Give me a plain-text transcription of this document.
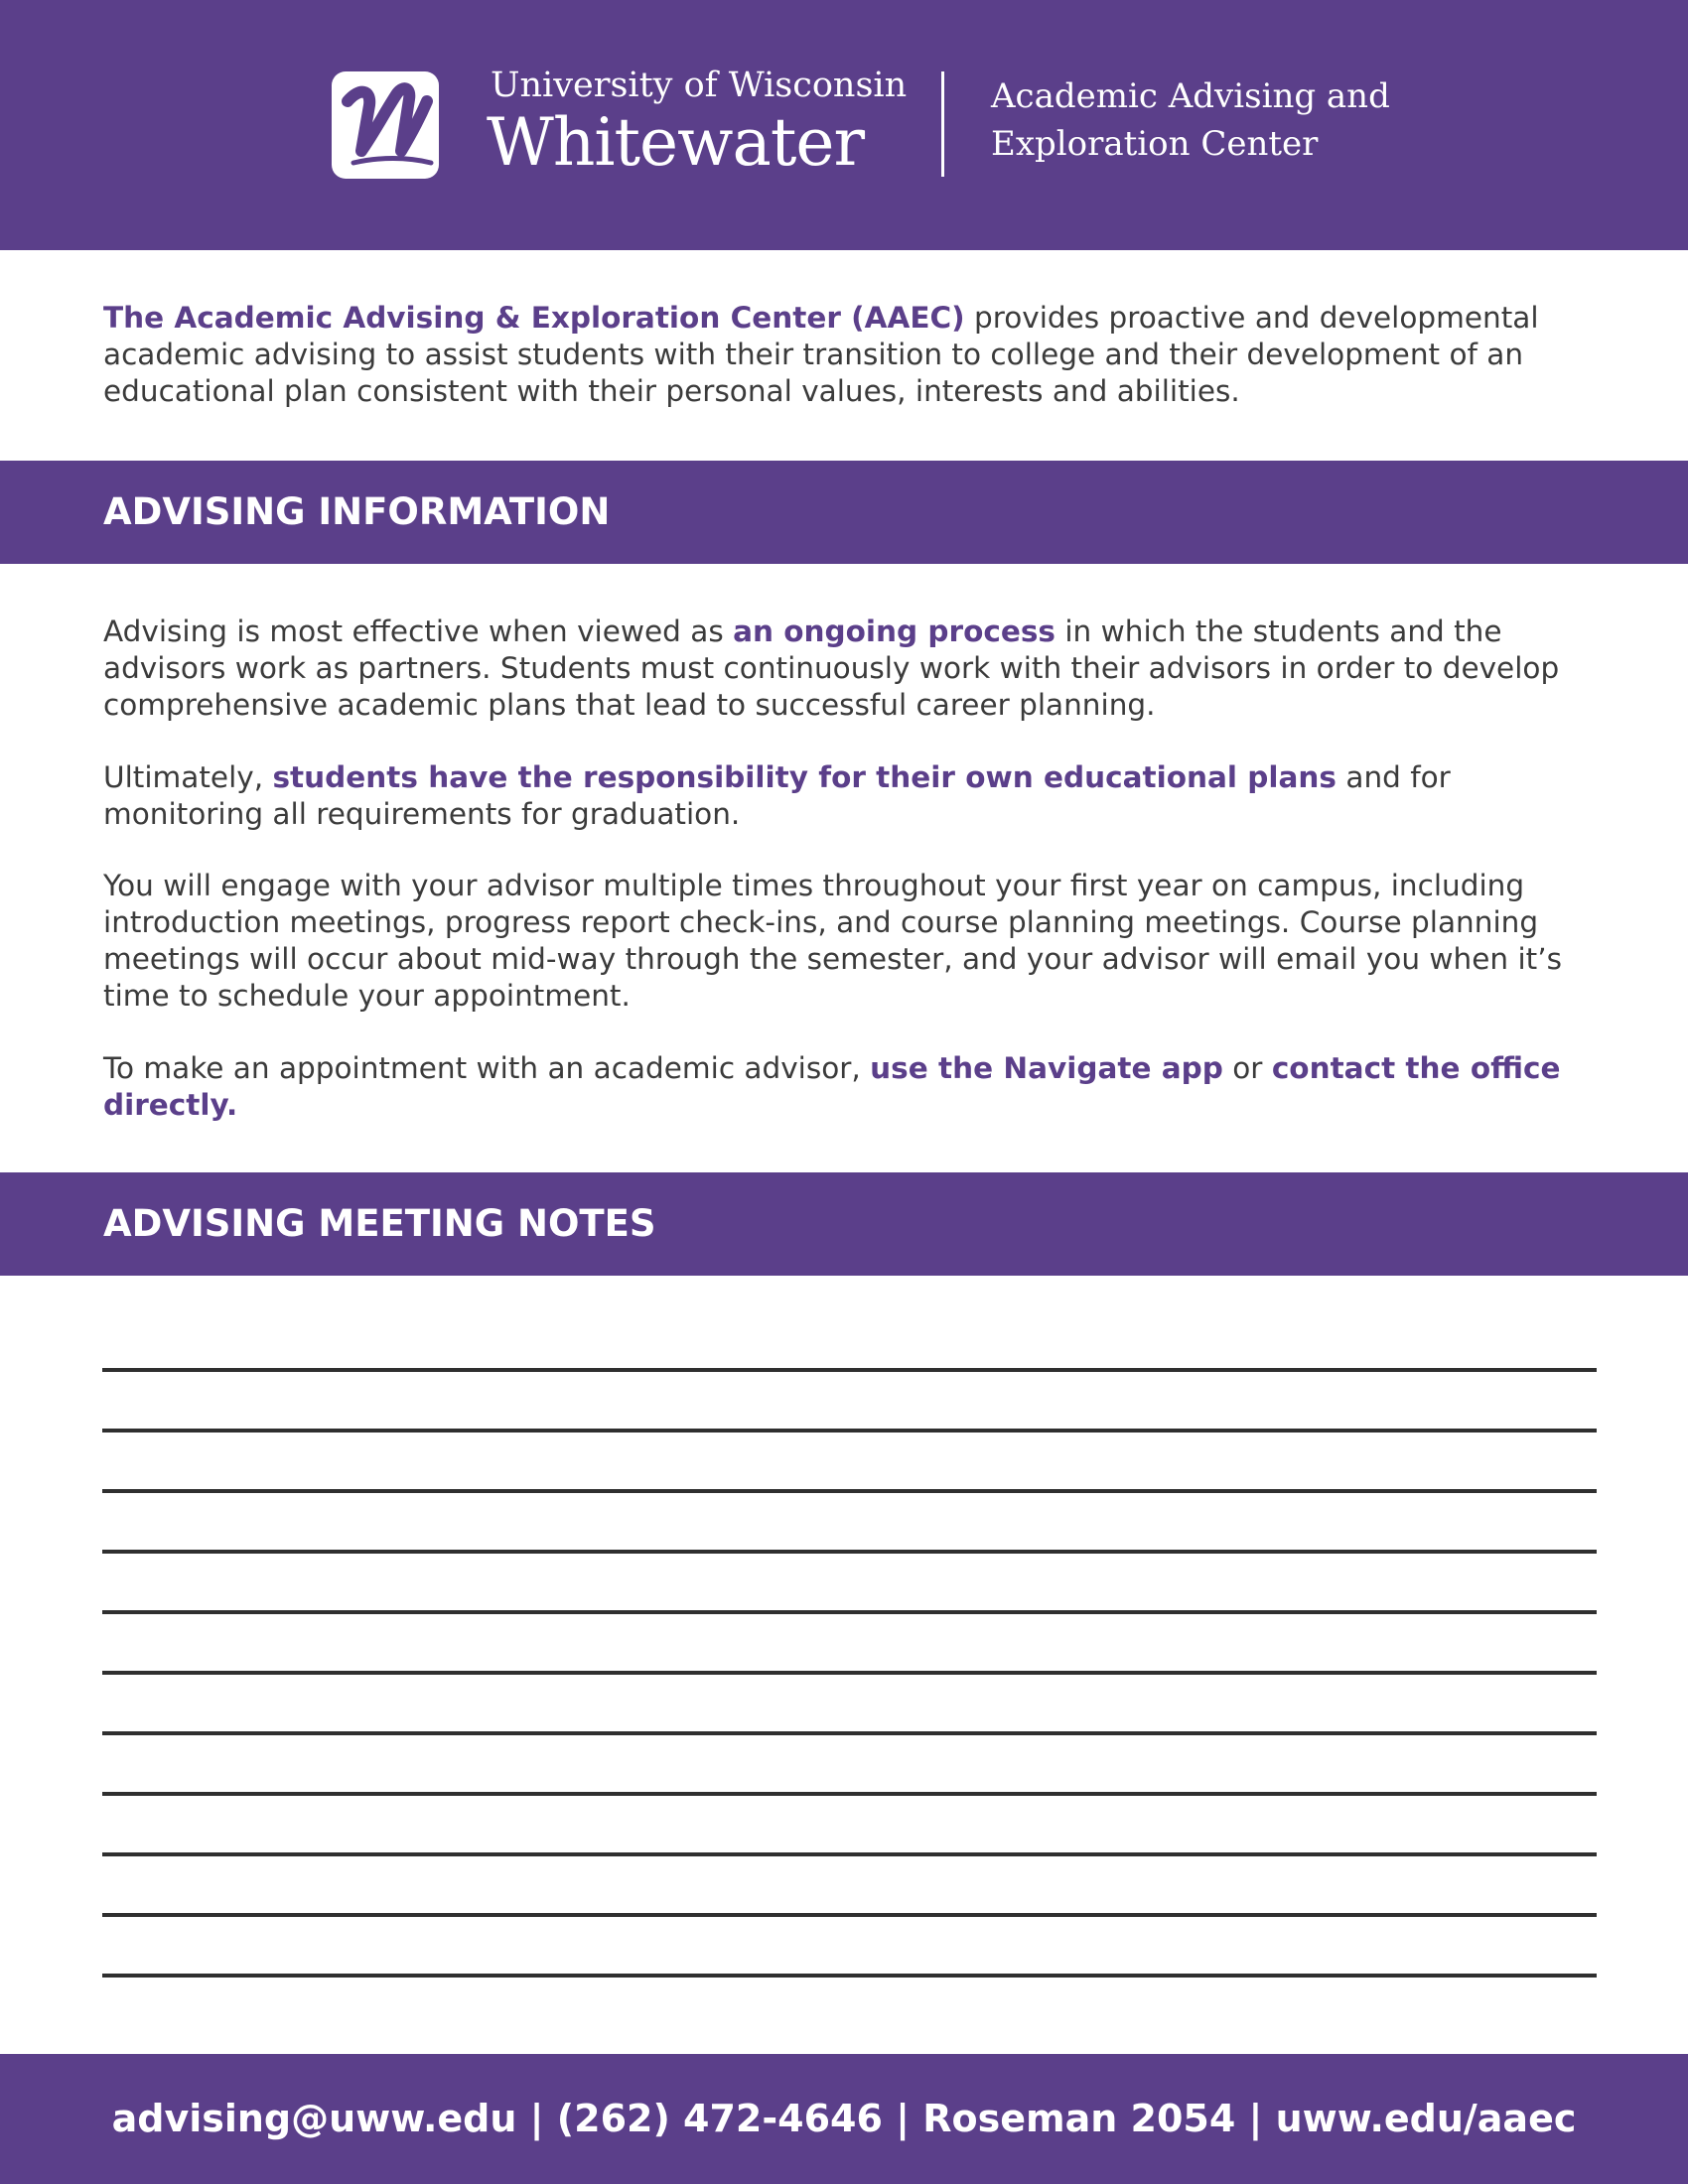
University of Wisconsin
Whitewater
Academic Advising and
Exploration Center

The Academic Advising & Exploration Center (AAEC) provides proactive and developmental academic advising to assist students with their transition to college and their development of an educational plan consistent with their personal values, interests and abilities.

ADVISING INFORMATION

Advising is most effective when viewed as an ongoing process in which the students and the advisors work as partners. Students must continuously work with their advisors in order to develop comprehensive academic plans that lead to successful career planning.

Ultimately, students have the responsibility for their own educational plans and for monitoring all requirements for graduation.

You will engage with your advisor multiple times throughout your first year on campus, including introduction meetings, progress report check-ins, and course planning meetings. Course planning meetings will occur about mid-way through the semester, and your advisor will email you when it’s time to schedule your appointment.

To make an appointment with an academic advisor, use the Navigate app or contact the office directly.

ADVISING MEETING NOTES
advising@uww.edu | (262) 472-4646 | Roseman 2054 | uww.edu/aaec
